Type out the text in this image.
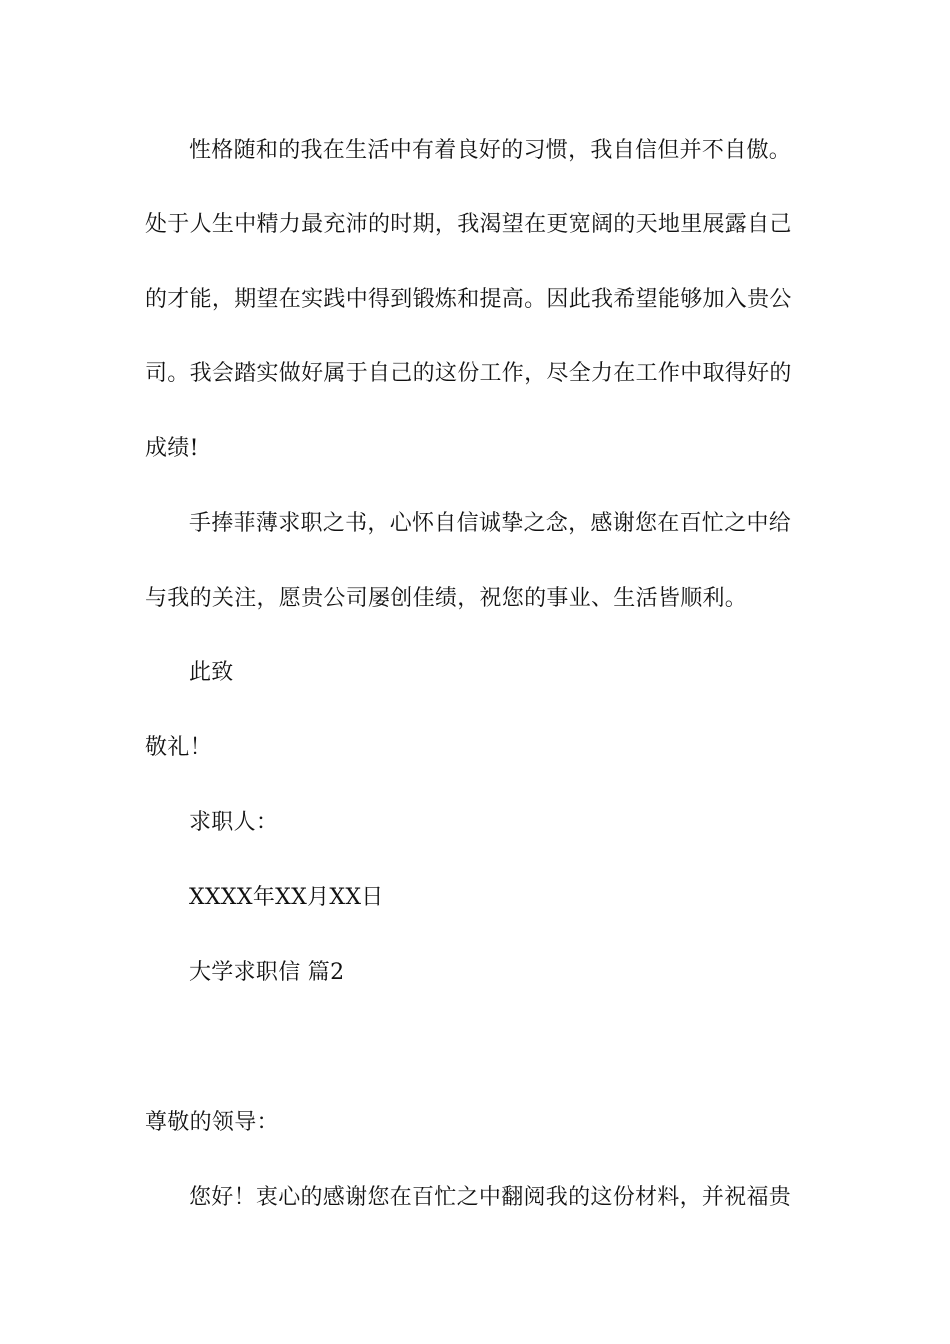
性格随和的我在生活中有着良好的习惯，我自信但并不自傲。
处于人生中精力最充沛的时期，我渴望在更宽阔的天地里展露自己
的才能，期望在实践中得到锻炼和提高。因此我希望能够加入贵公
司。我会踏实做好属于自己的这份工作，尽全力在工作中取得好的
成绩!
手捧菲薄求职之书，心怀自信诚挚之念，感谢您在百忙之中给
与我的关注，愿贵公司屡创佳绩，祝您的事业、生活皆顺利。
此致
敬礼！
求职人：
XXXX年XX月XX日
大学求职信 篇2
尊敬的领导：
您好！衷心的感谢您在百忙之中翻阅我的这份材料，并祝福贵
